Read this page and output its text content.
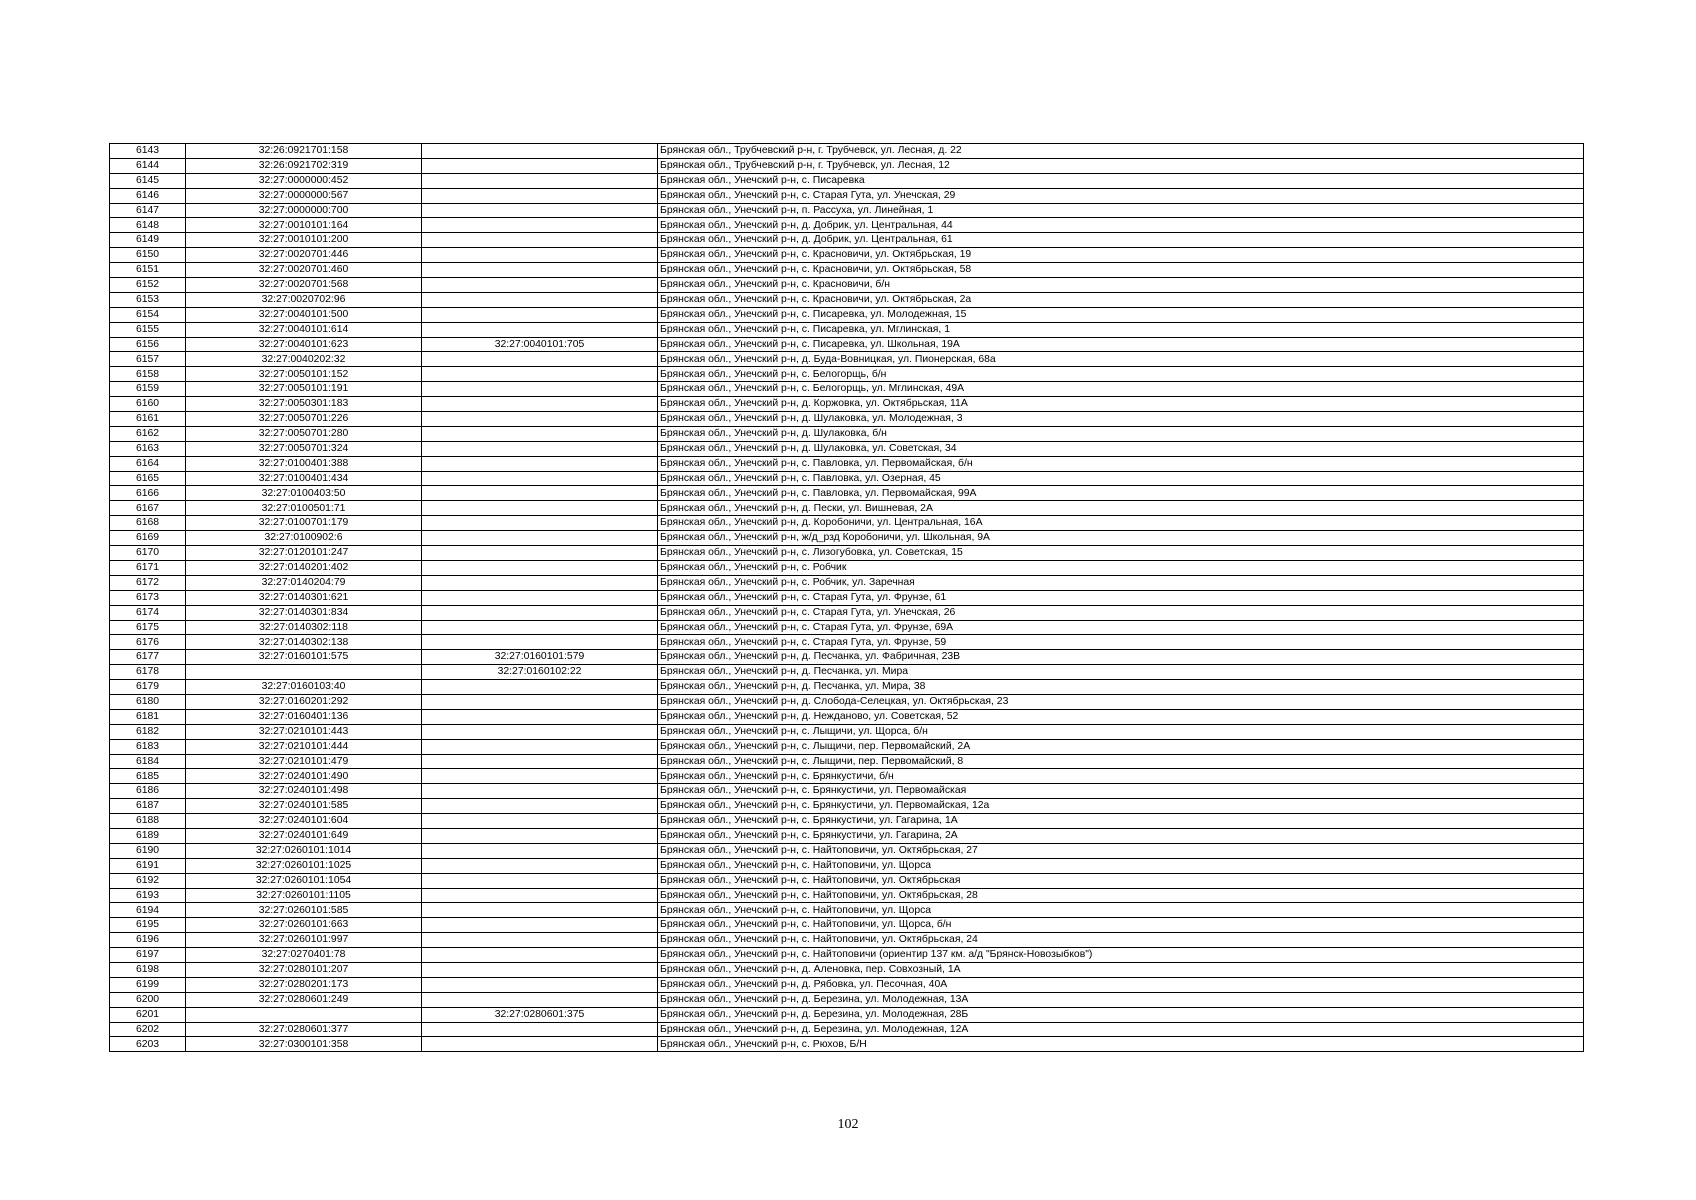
6143	32:26:0921701:158		Брянская обл., Трубчевский р-н, г. Трубчевск, ул. Лесная, д. 22
6144	32:26:0921702:319		Брянская обл., Трубчевский р-н, г. Трубчевск, ул. Лесная, 12
6145	32:27:0000000:452		Брянская обл., Унечский р-н, с. Писаревка
6146	32:27:0000000:567		Брянская обл., Унечский р-н, с. Старая Гута, ул. Унечская, 29
6147	32:27:0000000:700		Брянская обл., Унечский р-н, п. Рассуха, ул. Линейная, 1
6148	32:27:0010101:164		Брянская обл., Унечский р-н, д. Добрик, ул. Центральная, 44
6149	32:27:0010101:200		Брянская обл., Унечский р-н, д. Добрик, ул. Центральная, 61
6150	32:27:0020701:446		Брянская обл., Унечский р-н, с. Красновичи, ул. Октябрьская, 19
6151	32:27:0020701:460		Брянская обл., Унечский р-н, с. Красновичи, ул. Октябрьская, 58
6152	32:27:0020701:568		Брянская обл., Унечский р-н, с. Красновичи, б/н
6153	32:27:0020702:96		Брянская обл., Унечский р-н, с. Красновичи, ул. Октябрьская, 2а
6154	32:27:0040101:500		Брянская обл., Унечский р-н, с. Писаревка, ул. Молодежная, 15
6155	32:27:0040101:614		Брянская обл., Унечский р-н, с. Писаревка, ул. Мглинская, 1
6156	32:27:0040101:623	32:27:0040101:705	Брянская обл., Унечский р-н, с. Писаревка, ул. Школьная, 19А
6157	32:27:0040202:32		Брянская обл., Унечский р-н, д. Буда-Вовницкая, ул. Пионерская, 68а
6158	32:27:0050101:152		Брянская обл., Унечский р-н, с. Белогорщь, б/н
6159	32:27:0050101:191		Брянская обл., Унечский р-н, с. Белогорщь, ул. Мглинская, 49А
6160	32:27:0050301:183		Брянская обл., Унечский р-н, д. Коржовка, ул. Октябрьская, 11А
6161	32:27:0050701:226		Брянская обл., Унечский р-н, д. Шулаковка, ул. Молодежная, 3
6162	32:27:0050701:280		Брянская обл., Унечский р-н, д. Шулаковка, б/н
6163	32:27:0050701:324		Брянская обл., Унечский р-н, д. Шулаковка, ул. Советская, 34
6164	32:27:0100401:388		Брянская обл., Унечский р-н, с. Павловка, ул. Первомайская, б/н
6165	32:27:0100401:434		Брянская обл., Унечский р-н, с. Павловка, ул. Озерная, 45
6166	32:27:0100403:50		Брянская обл., Унечский р-н, с. Павловка, ул. Первомайская, 99А
6167	32:27:0100501:71		Брянская обл., Унечский р-н, д. Пески, ул. Вишневая, 2А
6168	32:27:0100701:179		Брянская обл., Унечский р-н, д. Коробоничи, ул. Центральная, 16А
6169	32:27:0100902:6		Брянская обл., Унечский р-н, ж/д_рзд Коробоничи, ул. Школьная, 9А
6170	32:27:0120101:247		Брянская обл., Унечский р-н, с. Лизогубовка, ул. Советская, 15
6171	32:27:0140201:402		Брянская обл., Унечский р-н, с. Робчик
6172	32:27:0140204:79		Брянская обл., Унечский р-н, с. Робчик, ул. Заречная
6173	32:27:0140301:621		Брянская обл., Унечский р-н, с. Старая Гута, ул. Фрунзе, 61
6174	32:27:0140301:834		Брянская обл., Унечский р-н, с. Старая Гута, ул. Унечская, 26
6175	32:27:0140302:118		Брянская обл., Унечский р-н, с. Старая Гута, ул. Фрунзе, 69А
6176	32:27:0140302:138		Брянская обл., Унечский р-н, с. Старая Гута, ул. Фрунзе, 59
6177	32:27:0160101:575	32:27:0160101:579	Брянская обл., Унечский р-н, д. Песчанка, ул. Фабричная, 23В
6178		32:27:0160102:22	Брянская обл., Унечский р-н, д. Песчанка, ул. Мира
6179	32:27:0160103:40		Брянская обл., Унечский р-н, д. Песчанка, ул. Мира, 38
6180	32:27:0160201:292		Брянская обл., Унечский р-н, д. Слобода-Селецкая, ул. Октябрьская, 23
6181	32:27:0160401:136		Брянская обл., Унечский р-н, д. Нежданово, ул. Советская, 52
6182	32:27:0210101:443		Брянская обл., Унечский р-н, с. Лыщичи, ул. Щорса, б/н
6183	32:27:0210101:444		Брянская обл., Унечский р-н, с. Лыщичи, пер. Первомайский, 2А
6184	32:27:0210101:479		Брянская обл., Унечский р-н, с. Лыщичи, пер. Первомайский, 8
6185	32:27:0240101:490		Брянская обл., Унечский р-н, с. Брянкустичи, б/н
6186	32:27:0240101:498		Брянская обл., Унечский р-н, с. Брянкустичи, ул. Первомайская
6187	32:27:0240101:585		Брянская обл., Унечский р-н, с. Брянкустичи, ул. Первомайская, 12а
6188	32:27:0240101:604		Брянская обл., Унечский р-н, с. Брянкустичи, ул. Гагарина, 1А
6189	32:27:0240101:649		Брянская обл., Унечский р-н, с. Брянкустичи, ул. Гагарина, 2А
6190	32:27:0260101:1014		Брянская обл., Унечский р-н, с. Найтоповичи, ул. Октябрьская, 27
6191	32:27:0260101:1025		Брянская обл., Унечский р-н, с. Найтоповичи, ул. Щорса
6192	32:27:0260101:1054		Брянская обл., Унечский р-н, с. Найтоповичи, ул. Октябрьская
6193	32:27:0260101:1105		Брянская обл., Унечский р-н, с. Найтоповичи, ул. Октябрьская, 28
6194	32:27:0260101:585		Брянская обл., Унечский р-н, с. Найтоповичи, ул. Щорса
6195	32:27:0260101:663		Брянская обл., Унечский р-н, с. Найтоповичи, ул. Щорса, б/н
6196	32:27:0260101:997		Брянская обл., Унечский р-н, с. Найтоповичи, ул. Октябрьская, 24
6197	32:27:0270401:78		Брянская обл., Унечский р-н, с. Найтоповичи (ориентир 137 км. а/д "Брянск-Новозыбков")
6198	32:27:0280101:207		Брянская обл., Унечский р-н, д. Аленовка, пер. Совхозный, 1А
6199	32:27:0280201:173		Брянская обл., Унечский р-н, д. Рябовка, ул. Песочная, 40А
6200	32:27:0280601:249		Брянская обл., Унечский р-н, д. Березина, ул. Молодежная, 13А
6201		32:27:0280601:375	Брянская обл., Унечский р-н, д. Березина, ул. Молодежная, 28Б
6202	32:27:0280601:377		Брянская обл., Унечский р-н, д. Березина, ул. Молодежная, 12А
6203	32:27:0300101:358		Брянская обл., Унечский р-н, с. Рюхов, Б/Н
102
